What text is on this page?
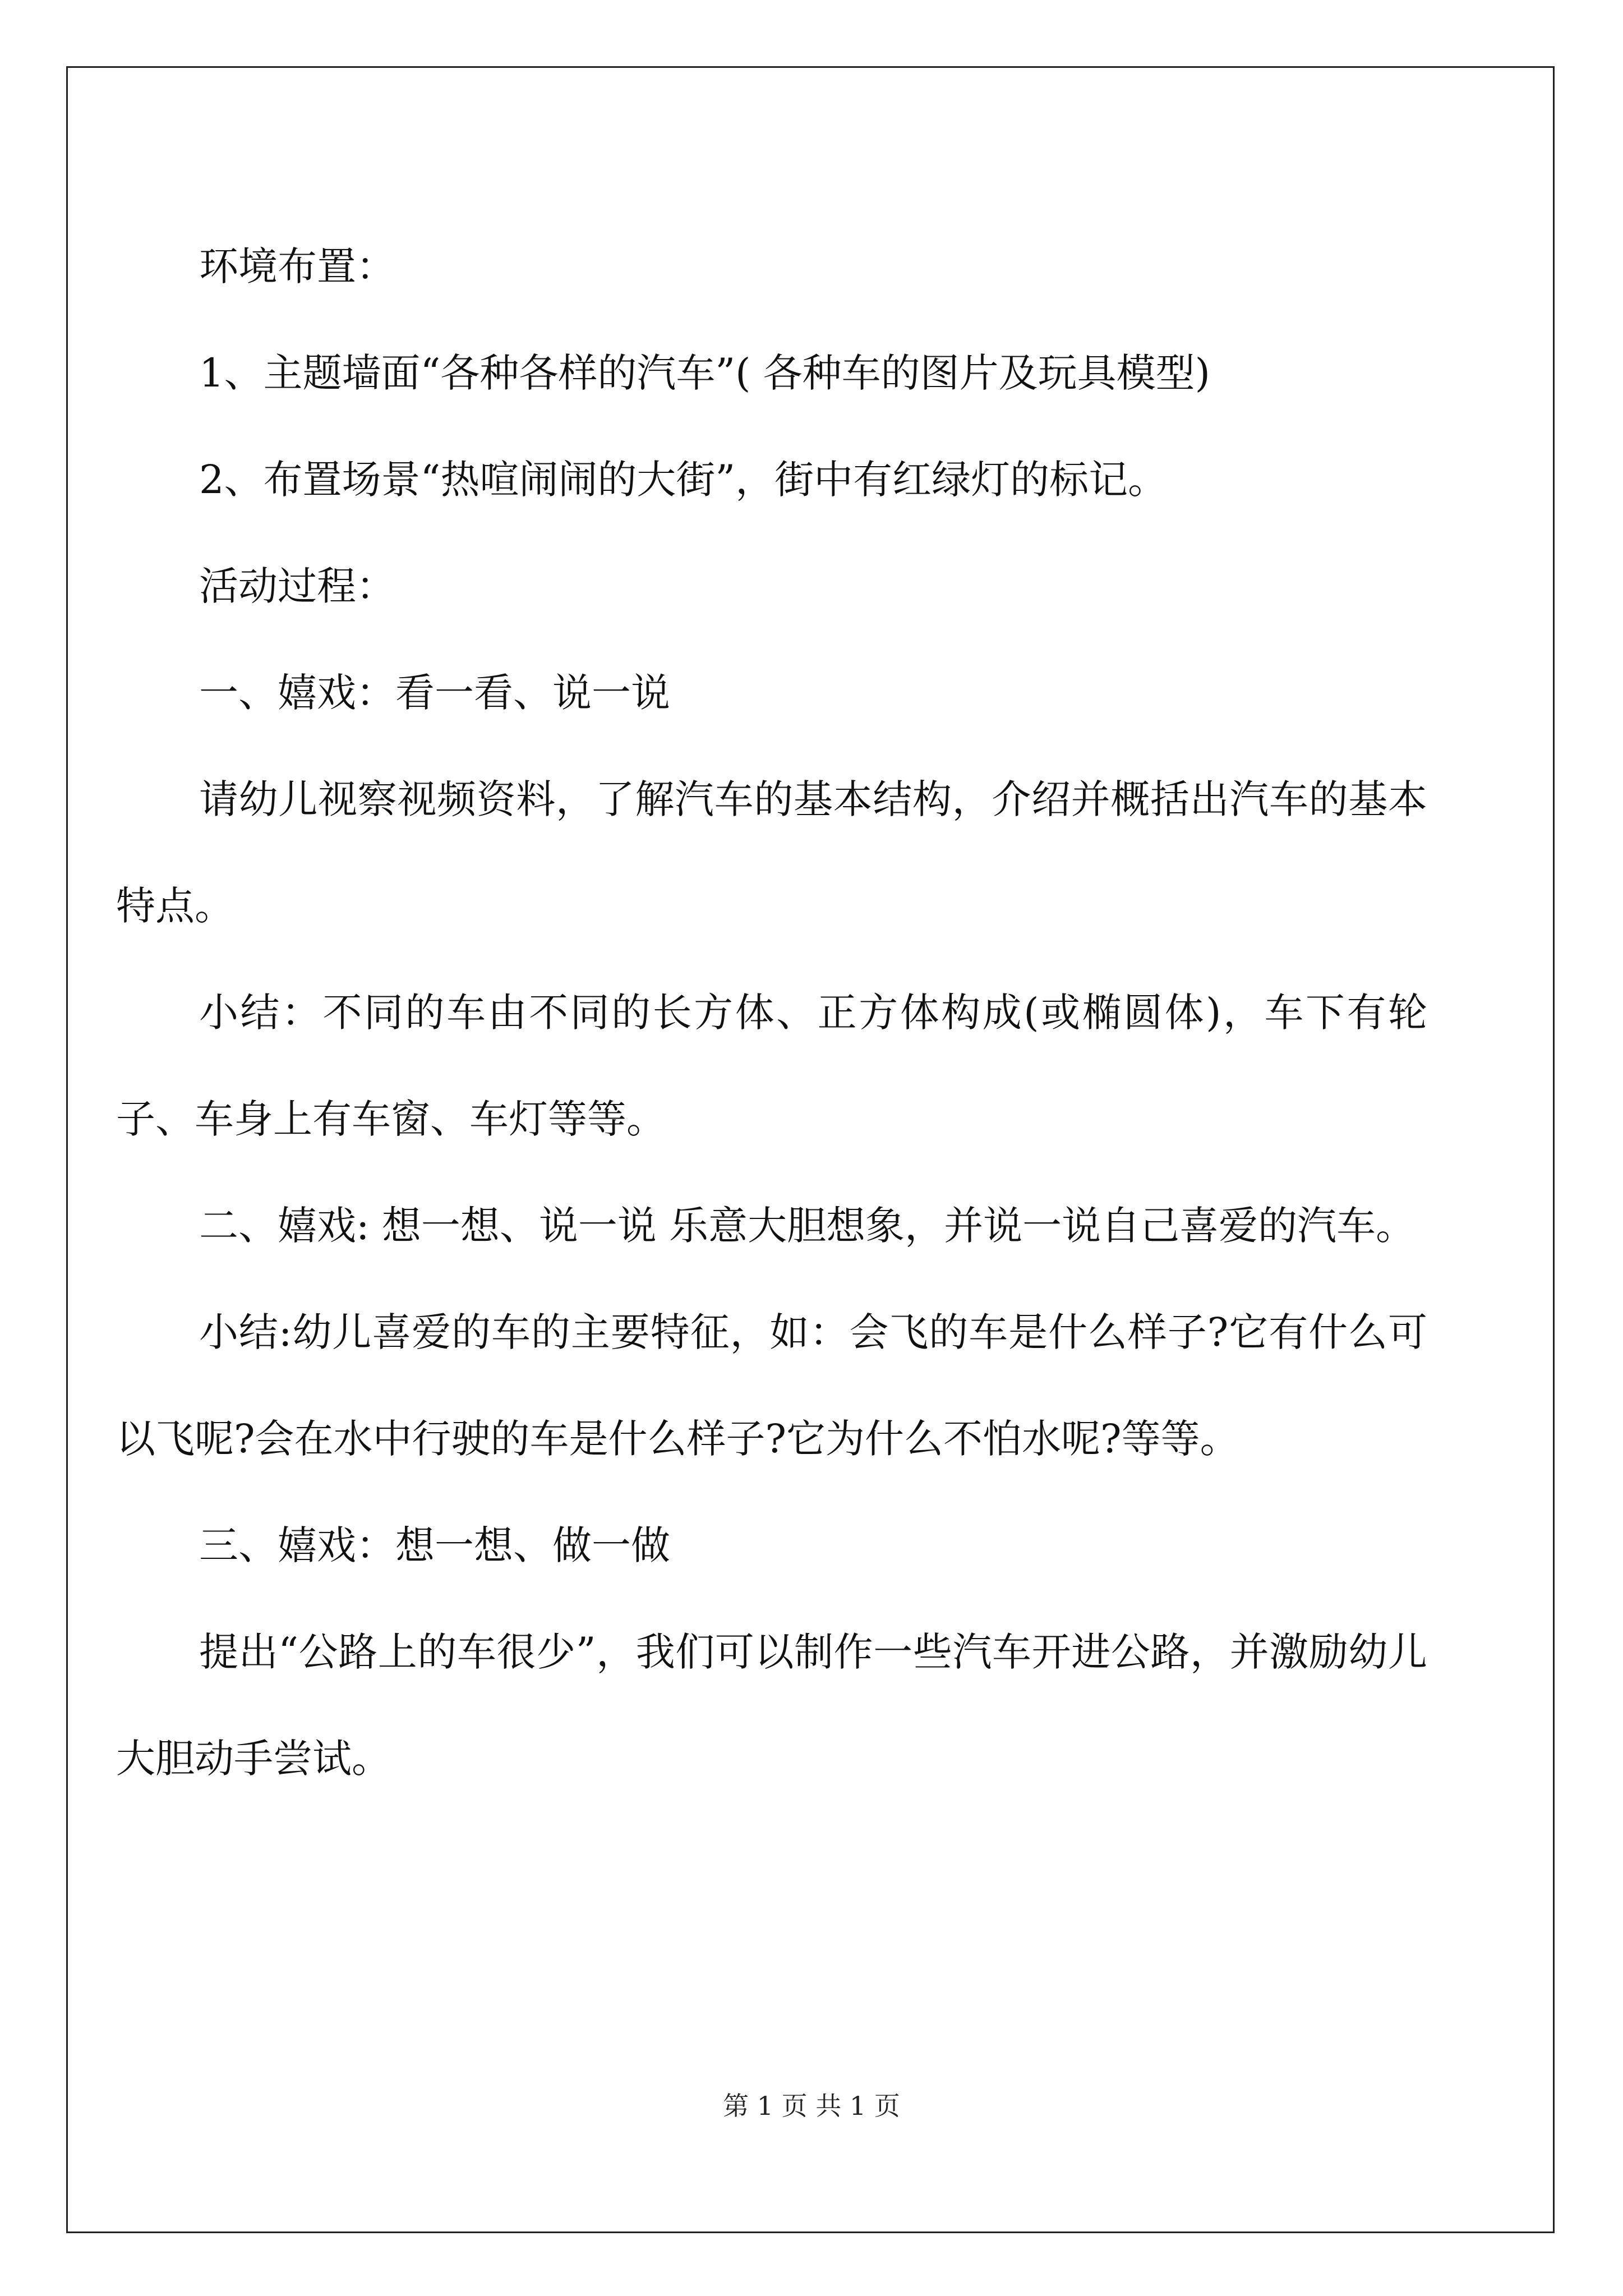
环境布置：

1、主题墙面“各种各样的汽车”( 各种车的图片及玩具模型)

2、布置场景“热喧闹闹的大街”，街中有红绿灯的标记。

活动过程：

一、嬉戏：看一看、说一说

请幼儿视察视频资料，了解汽车的基本结构，介绍并概括出汽车的基本特点。

小结：不同的车由不同的长方体、正方体构成(或椭圆体)，车下有轮子、车身上有车窗、车灯等等。

二、嬉戏: 想一想、说一说 乐意大胆想象，并说一说自己喜爱的汽车。

小结:幼儿喜爱的车的主要特征，如：会飞的车是什么样子?它有什么可以飞呢?会在水中行驶的车是什么样子?它为什么不怕水呢?等等。

三、嬉戏：想一想、做一做

提出“公路上的车很少”，我们可以制作一些汽车开进公路，并激励幼儿大胆动手尝试。

第 1 页 共 1 页
